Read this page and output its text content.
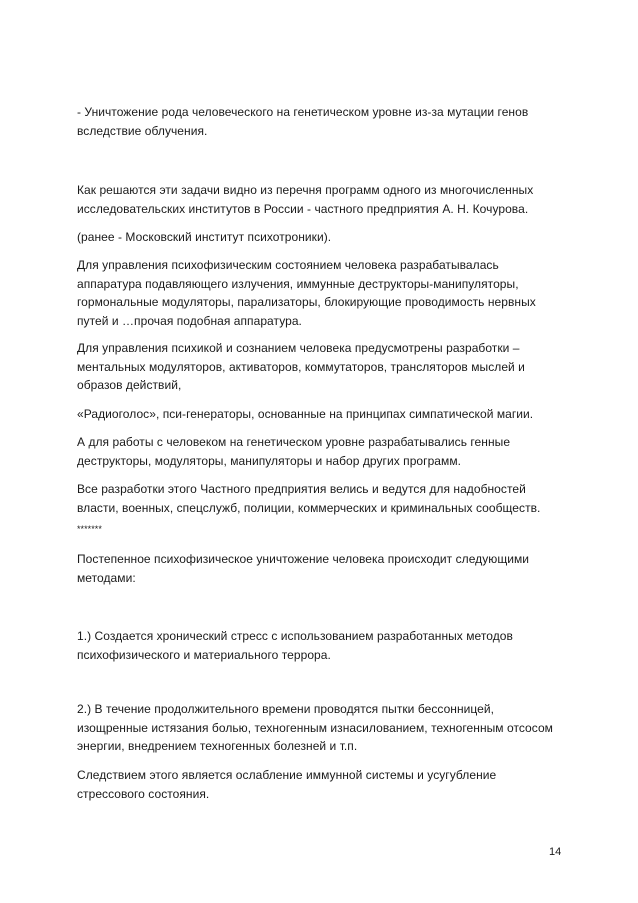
- Уничтожение рода человеческого на генетическом уровне из-за мутации генов
вследствие облучения.

Как решаются эти задачи видно из перечня программ одного из многочисленных
исследовательских институтов в России - частного предприятия А. Н. Кочурова.

(ранее - Московский институт психотроники).

Для управления психофизическим состоянием человека разрабатывалась
аппаратура подавляющего излучения, иммунные деструкторы-манипуляторы,
гормональные модуляторы, парализаторы, блокирующие проводимость нервных
путей и …прочая подобная аппаратура.

Для управления психикой и сознанием человека предусмотрены разработки –
ментальных модуляторов, активаторов, коммутаторов, трансляторов мыслей и
образов действий,

«Радиоголос», пси-генераторы, основанные на принципах симпатической магии.

А для работы с человеком на генетическом уровне разрабатывались генные
деструкторы, модуляторы, манипуляторы и набор других программ.

Все разработки этого Частного предприятия велись и ведутся для надобностей
власти, военных, спецслужб, полиции, коммерческих и криминальных сообществ.

*******

Постепенное психофизическое уничтожение человека происходит следующими
методами:

1.) Создается хронический стресс с использованием разработанных методов
психофизического и материального террора.

2.) В течение продолжительного времени проводятся пытки бессонницей,
изощренные истязания болью, техногенным изнасилованием, техногенным отсосом
энергии, внедрением техногенных болезней и т.п.

Следствием этого является ослабление иммунной системы и усугубление
стрессового состояния.

14
